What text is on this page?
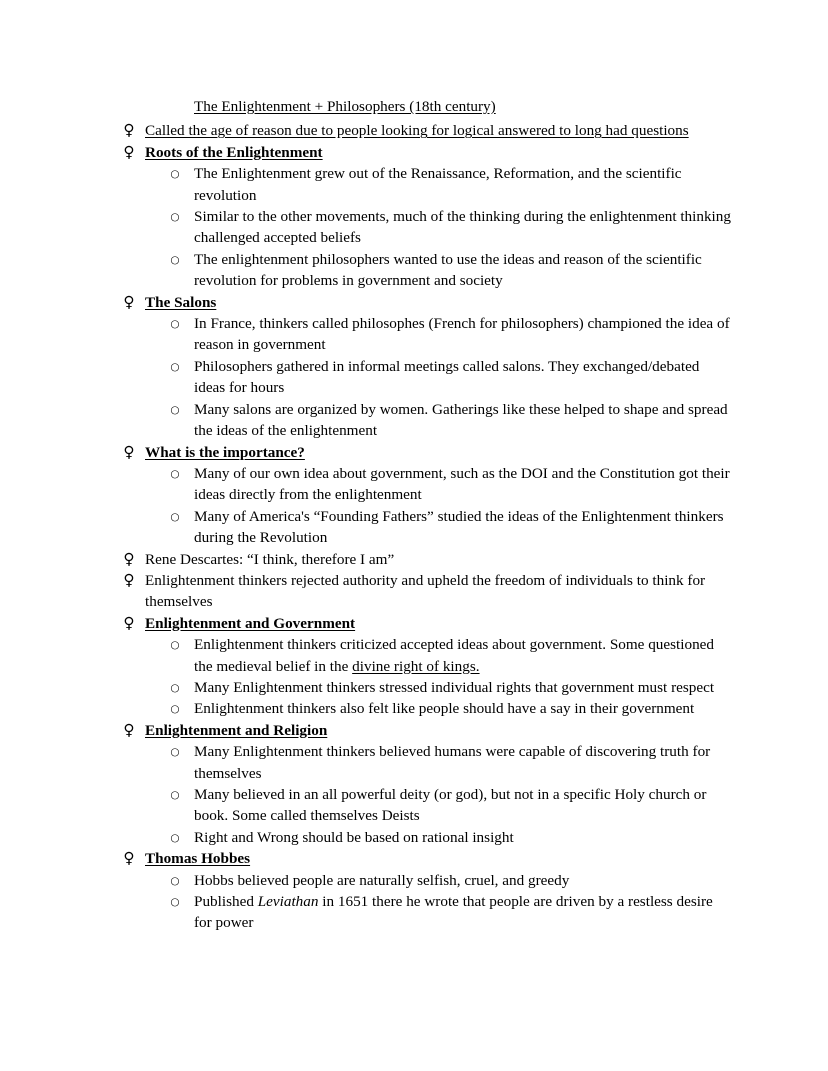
The Enlightenment + Philosophers (18th century)
♀ Called the age of reason due to people looking for logical answered to long had questions
♀ Roots of the Enlightenment
○ The Enlightenment grew out of the Renaissance, Reformation, and the scientific revolution
○ Similar to the other movements, much of the thinking during the enlightenment thinking challenged accepted beliefs
○ The enlightenment philosophers wanted to use the ideas and reason of the scientific revolution for problems in government and society
♀ The Salons
○ In France, thinkers called philosophes (French for philosophers) championed the idea of reason in government
○ Philosophers gathered in informal meetings called salons. They exchanged/debated ideas for hours
○ Many salons are organized by women. Gatherings like these helped to shape and spread the ideas of the enlightenment
♀ What is the importance?
○ Many of our own idea about government, such as the DOI and the Constitution got their ideas directly from the enlightenment
○ Many of America's “Founding Fathers” studied the ideas of the Enlightenment thinkers during the Revolution
♀ Rene Descartes: “I think, therefore I am”
♀ Enlightenment thinkers rejected authority and upheld the freedom of individuals to think for themselves
♀ Enlightenment and Government
○ Enlightenment thinkers criticized accepted ideas about government. Some questioned the medieval belief in the divine right of kings.
○ Many Enlightenment thinkers stressed individual rights that government must respect
○ Enlightenment thinkers also felt like people should have a say in their government
♀ Enlightenment and Religion
○ Many Enlightenment thinkers believed humans were capable of discovering truth for themselves
○ Many believed in an all powerful deity (or god), but not in a specific Holy church or book. Some called themselves Deists
○ Right and Wrong should be based on rational insight
♀ Thomas Hobbes
○ Hobbs believed people are naturally selfish, cruel, and greedy
○ Published Leviathan in 1651 there he wrote that people are driven by a restless desire for power
